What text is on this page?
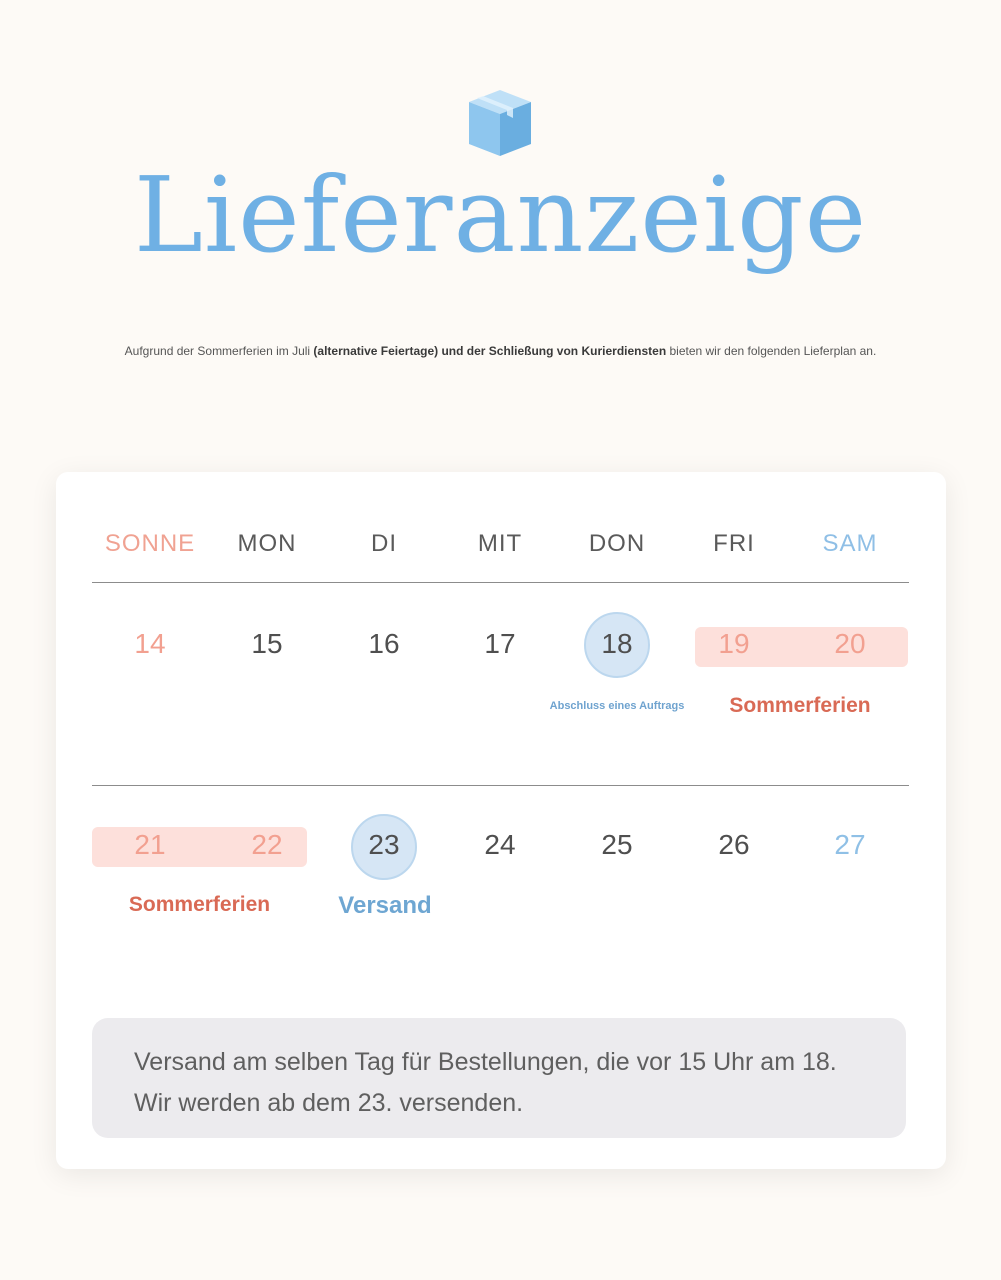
Lieferanzeige
Aufgrund der Sommerferien im Juli (alternative Feiertage) und der Schließung von Kurierdiensten bieten wir den folgenden Lieferplan an.
SONNE	MON	DI	MIT	DON	FRI	SAM
14	15	16	17	18	19	20
Abschluss eines Auftrags	Sommerferien
21	22	23	24	25	26	27
Sommerferien	Versand
Versand am selben Tag für Bestellungen, die vor 15 Uhr am 18.
Wir werden ab dem 23. versenden.
